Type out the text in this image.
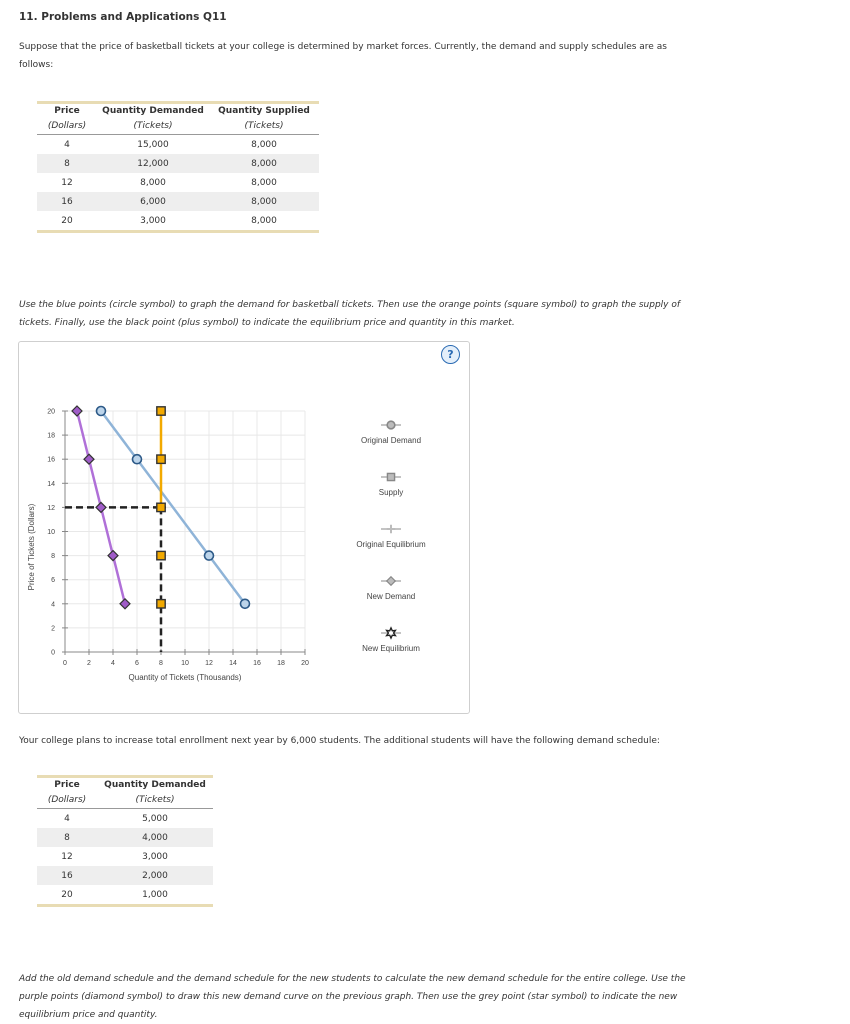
11. Problems and Applications Q11
Suppose that the price of basketball tickets at your college is determined by market forces. Currently, the demand and supply schedules are as
follows:
Price	Quantity Demanded	Quantity Supplied
(Dollars)	(Tickets)	(Tickets)
4	15,000	8,000
8	12,000	8,000
12	8,000	8,000
16	6,000	8,000
20	3,000	8,000
Use the blue points (circle symbol) to graph the demand for basketball tickets. Then use the orange points (square symbol) to graph the supply of
tickets. Finally, use the black point (plus symbol) to indicate the equilibrium price and quantity in this market.
?
0	2	4	6	8	10 12 14 16 18 20
0
2
4
6
8
10
12
14
16
18
20
Quantity of Tickets (Thousands)
Price of Tickets (Dollars)
Original Demand
Supply
Original Equilibrium
New Demand
New Equilibrium
Your college plans to increase total enrollment next year by 6,000 students. The additional students will have the following demand schedule:
Price	Quantity Demanded
(Dollars)	(Tickets)
4	5,000
8	4,000
12	3,000
16	2,000
20	1,000
Add the old demand schedule and the demand schedule for the new students to calculate the new demand schedule for the entire college. Use the
purple points (diamond symbol) to draw this new demand curve on the previous graph. Then use the grey point (star symbol) to indicate the new
equilibrium price and quantity.
